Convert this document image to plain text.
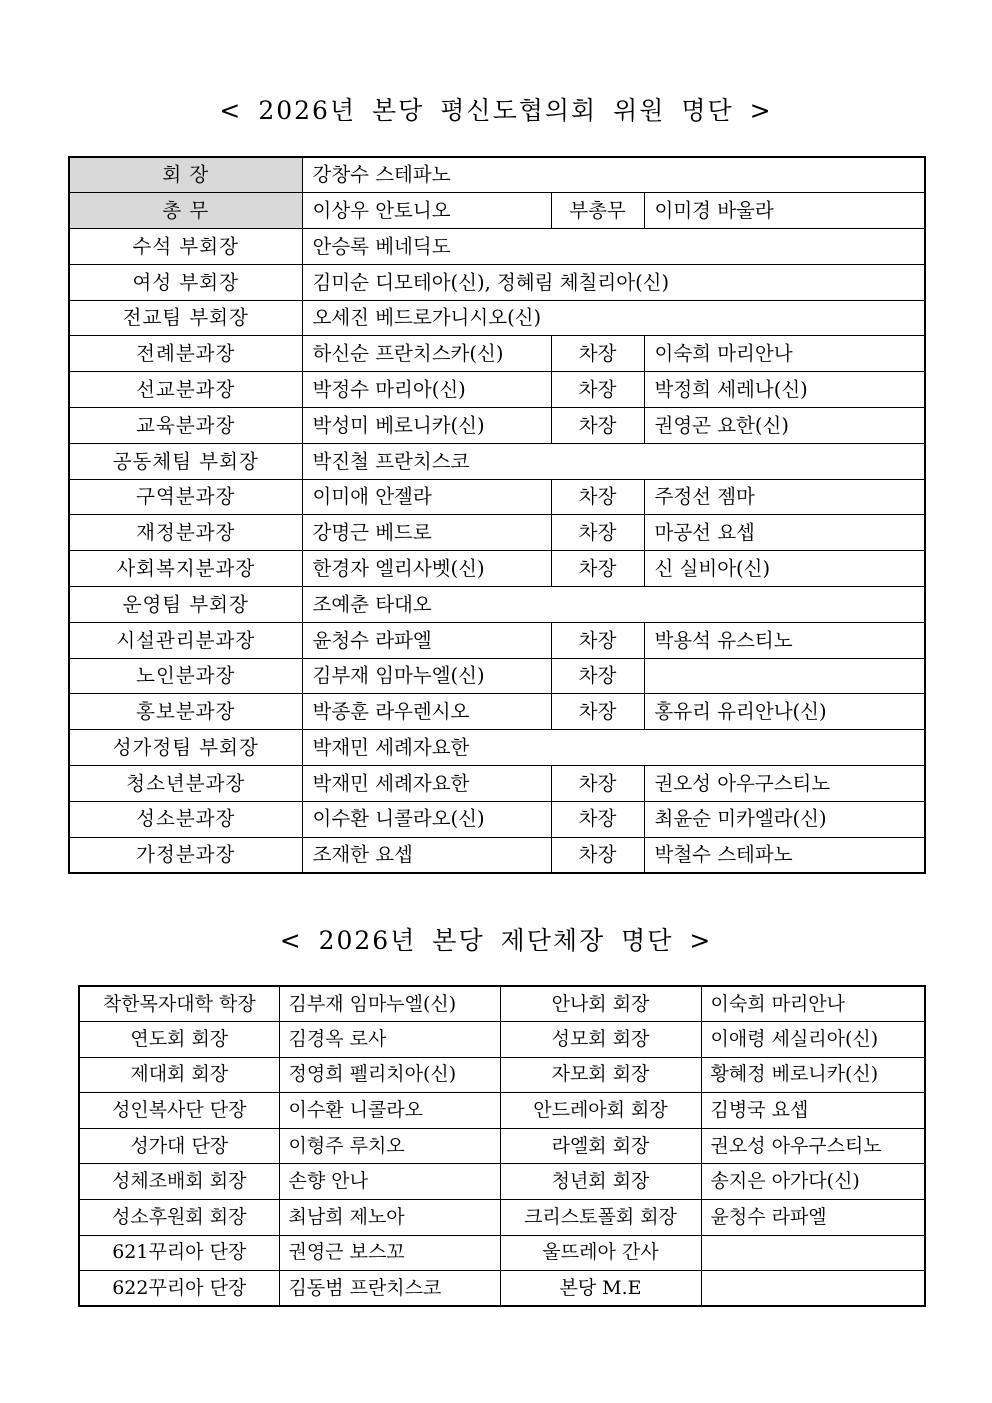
< 2026년 본당 평신도협의회 위원 명단 >
회 장	강창수 스테파노		
총 무	이상우 안토니오	부총무	이미경 바울라
수석 부회장	안승록 베네딕도		
여성 부회장	김미순 디모테아(신), 정혜림 체칠리아(신)		
전교팀 부회장	오세진 베드로가니시오(신)		
전례분과장	하신순 프란치스카(신)	차장	이숙희 마리안나
선교분과장	박정수 마리아(신)	차장	박정희 세레나(신)
교육분과장	박성미 베로니카(신)	차장	권영곤 요한(신)
공동체팀 부회장	박진철 프란치스코		
구역분과장	이미애 안젤라	차장	주정선 젬마
재정분과장	강명근 베드로	차장	마공선 요셉
사회복지분과장	한경자 엘리사벳(신)	차장	신 실비아(신)
운영팀 부회장	조예춘 타대오		
시설관리분과장	윤청수 라파엘	차장	박용석 유스티노
노인분과장	김부재 임마누엘(신)	차장	
홍보분과장	박종훈 라우렌시오	차장	홍유리 유리안나(신)
성가정팀 부회장	박재민 세례자요한		
청소년분과장	박재민 세례자요한	차장	권오성 아우구스티노
성소분과장	이수환 니콜라오(신)	차장	최윤순 미카엘라(신)
가정분과장	조재한 요셉	차장	박철수 스테파노
< 2026년 본당 제단체장 명단 >
착한목자대학 학장	김부재 임마누엘(신)	안나회 회장	이숙희 마리안나
연도회 회장	김경옥 로사	성모회 회장	이애령 세실리아(신)
제대회 회장	정영희 펠리치아(신)	자모회 회장	황혜정 베로니카(신)
성인복사단 단장	이수환 니콜라오	안드레아회 회장	김병국 요셉
성가대 단장	이형주 루치오	라엘회 회장	권오성 아우구스티노
성체조배회 회장	손향 안나	청년회 회장	송지은 아가다(신)
성소후원회 회장	최남희 제노아	크리스토폴회 회장	윤청수 라파엘
621꾸리아 단장	권영근 보스꼬	울뜨레아 간사	
622꾸리아 단장	김동범 프란치스코	본당 M.E	
